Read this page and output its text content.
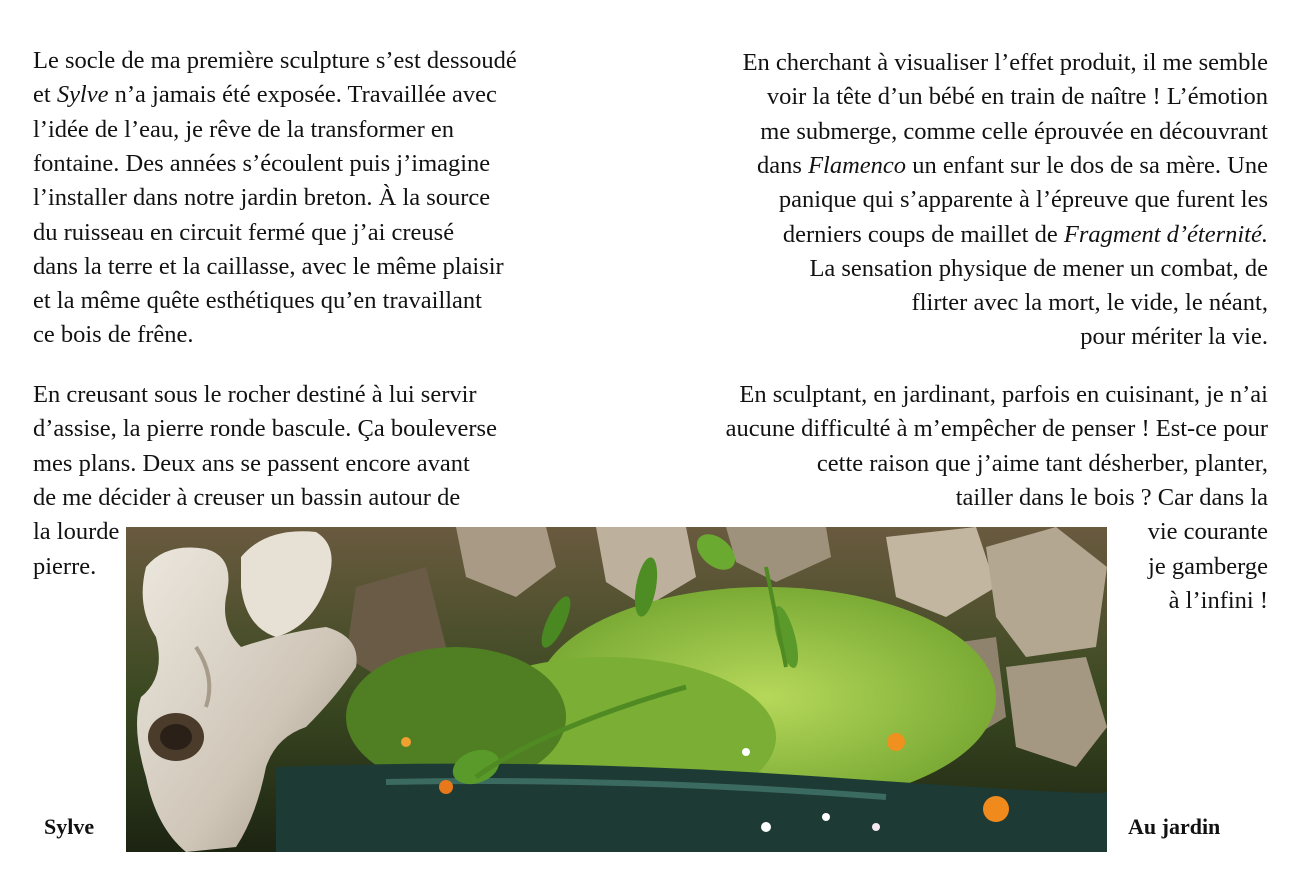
Le socle de ma première sculpture s’est dessoudé
et Sylve n’a jamais été exposée. Travaillée avec
l’idée de l’eau, je rêve de la transformer en
fontaine. Des années s’écoulent puis j’imagine
l’installer dans notre jardin breton. À la source
du ruisseau en circuit fermé que j’ai creusé
dans la terre et la caillasse, avec le même plaisir
et la même quête esthétiques qu’en travaillant
ce bois de frêne.
En creusant sous le rocher destiné à lui servir
d’assise, la pierre ronde bascule. Ça bouleverse
mes plans. Deux ans se passent encore avant
de me décider à creuser un bassin autour de
la lourde
pierre.
En cherchant à visualiser l’effet produit, il me semble
voir la tête d’un bébé en train de naître ! L’émotion
me submerge, comme celle éprouvée en découvrant
dans Flamenco un enfant sur le dos de sa mère. Une
panique qui s’apparente à l’épreuve que furent les
derniers coups de maillet de Fragment d’éternité.
La sensation physique de mener un combat, de
flirter avec la mort, le vide, le néant,
pour mériter la vie.
En sculptant, en jardinant, parfois en cuisinant, je n’ai
aucune difficulté à m’empêcher de penser ! Est-ce pour
cette raison que j’aime tant désherber, planter,
tailler dans le bois ? Car dans la
vie courante
je gamberge
à l’infini !
Sylve	Au jardin
